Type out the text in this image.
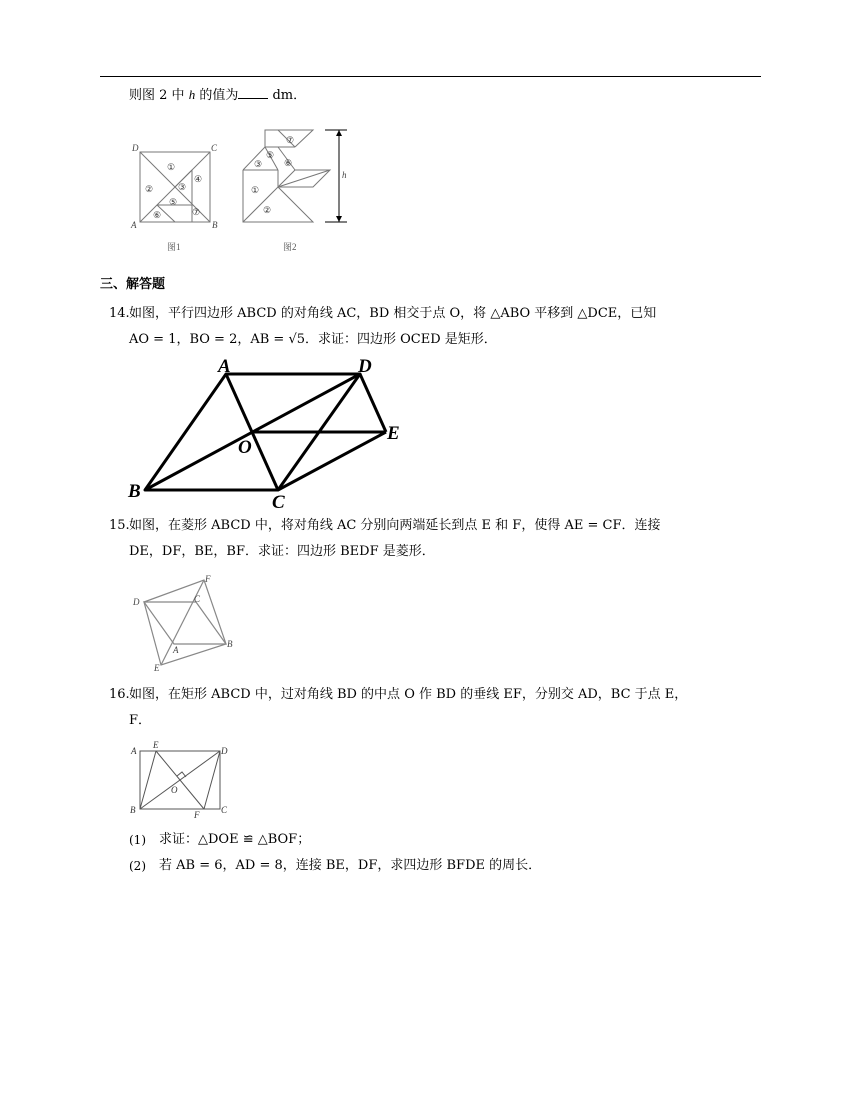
则图 2 中 h 的值为	dm．
D	C
A	B
h
①
②	③
④
⑤
⑥	⑦
①
②
③
⑤
⑥
⑦
图1	图2
三、解答题
14. 如图，平行四边形 ABCD 的对角线 AC，BD 相交于点 O，将 △ABO 平移到 △DCE，已知
AO = 1，BO = 2，AB = √5．求证：四边形 OCED 是矩形．
A	D
B
C
E
O
15. 如图，在菱形 ABCD 中，将对角线 AC 分别向两端延长到点 E 和 F，使得 AE = CF．连接
DE，DF，BE，BF．求证：四边形 BEDF 是菱形．
D
F
C
B
A
E
16. 如图，在矩形 ABCD 中，过对角线 BD 的中点 O 作 BD 的垂线 EF，分别交 AD，BC 于点 E，
F．
A
E
D
B
O
C
F
(1) 求证：△DOE ≌ △BOF；
(2) 若 AB = 6，AD = 8，连接 BE，DF，求四边形 BFDE 的周长．
